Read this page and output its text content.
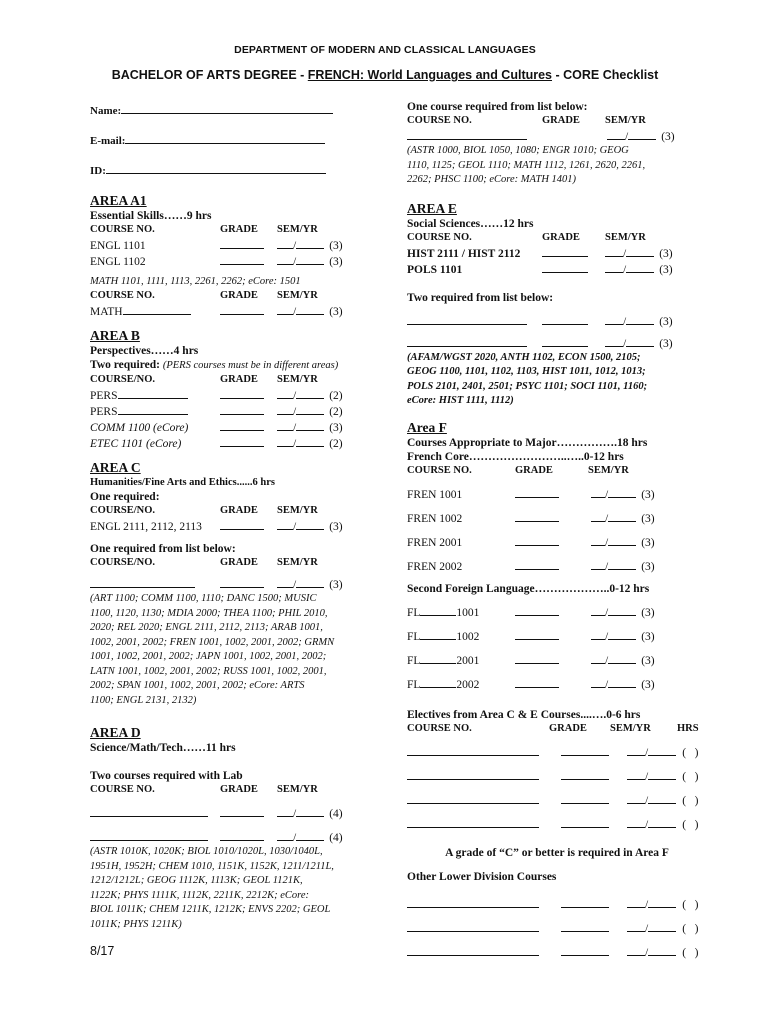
DEPARTMENT OF MODERN AND CLASSICAL LANGUAGES
BACHELOR OF ARTS DEGREE - FRENCH: World Languages and Cultures - CORE Checklist
Name:
E-mail:
ID:
AREA A1
Essential Skills……9 hrs
COURSE NO.	GRADE	SEM/YR
ENGL 1101	/	(3)
ENGL 1102	/	(3)
MATH 1101, 1111, 1113, 2261, 2262; eCore: 1501
COURSE NO.	GRADE	SEM/YR
MATH	/	(3)
AREA B
Perspectives……4 hrs
Two required: (PERS courses must be in different areas)
COURSE/NO.	GRADE	SEM/YR
PERS	/	(2)
PERS	/	(2)
COMM 1100 (eCore)	/	(3)
ETEC 1101 (eCore)	/	(2)
AREA C
Humanities/Fine Arts and Ethics......6 hrs
One required:
COURSE/NO.	GRADE	SEM/YR
ENGL 2111, 2112, 2113	/	(3)
One required from list below:
COURSE/NO.	GRADE	SEM/YR
/	(3)
(ART 1100; COMM 1100, 1110; DANC 1500; MUSIC
1100, 1120, 1130; MDIA 2000; THEA 1100; PHIL 2010,
2020; REL 2020; ENGL 2111, 2112, 2113; ARAB 1001,
1002, 2001, 2002; FREN 1001, 1002, 2001, 2002; GRMN
1001, 1002, 2001, 2002; JAPN 1001, 1002, 2001, 2002;
LATN 1001, 1002, 2001, 2002; RUSS 1001, 1002, 2001,
2002; SPAN 1001, 1002, 2001, 2002; eCore: ARTS
1100; ENGL 2131, 2132)
AREA D
Science/Math/Tech……11 hrs
Two courses required with Lab
COURSE NO.	GRADE	SEM/YR
/	(4)
/	(4)
(ASTR 1010K, 1020K; BIOL 1010/1020L, 1030/1040L,
1951H, 1952H; CHEM 1010, 1151K, 1152K, 1211/1211L,
1212/1212L; GEOG 1112K, 1113K; GEOL 1121K,
1122K; PHYS 1111K, 1112K, 2211K, 2212K; eCore:
BIOL 1011K; CHEM 1211K, 1212K; ENVS 2202; GEOL
1011K; PHYS 1211K)
One course required from list below:
COURSE NO.	GRADE	SEM/YR
/	(3)
(ASTR 1000, BIOL 1050, 1080; ENGR 1010; GEOG
1110, 1125; GEOL 1110; MATH 1112, 1261, 2620, 2261,
2262; PHSC 1100; eCore: MATH 1401)
AREA E
Social Sciences……12 hrs
COURSE NO.	GRADE	SEM/YR
HIST 2111 / HIST 2112	/	(3)
POLS 1101	/	(3)
Two required from list below:
/	(3)
/	(3)
(AFAM/WGST 2020, ANTH 1102, ECON 1500, 2105;
GEOG 1100, 1101, 1102, 1103, HIST 1011, 1012, 1013;
POLS 2101, 2401, 2501; PSYC 1101; SOCI 1101, 1160;
eCore: HIST 1111, 1112)
Area F
Courses Appropriate to Major…………….18 hrs
French Core……………………..…..0-12 hrs
COURSE NO.	GRADE	SEM/YR
FREN 1001	/	(3)
FREN 1002	/	(3)
FREN 2001	/	(3)
FREN 2002	/	(3)
Second Foreign Language………………..0-12 hrs
FL	1001	/	(3)
FL	1002	/	(3)
FL	2001	/	(3)
FL	2002	/	(3)
Electives from Area C & E Courses....….0-6 hrs
COURSE NO.	GRADE	SEM/YR	HRS
/	(   )
/	(   )
/	(   )
/	(   )
A grade of “C” or better is required in Area F
Other Lower Division Courses
/	(   )
/	(   )
/	(   )
8/17
